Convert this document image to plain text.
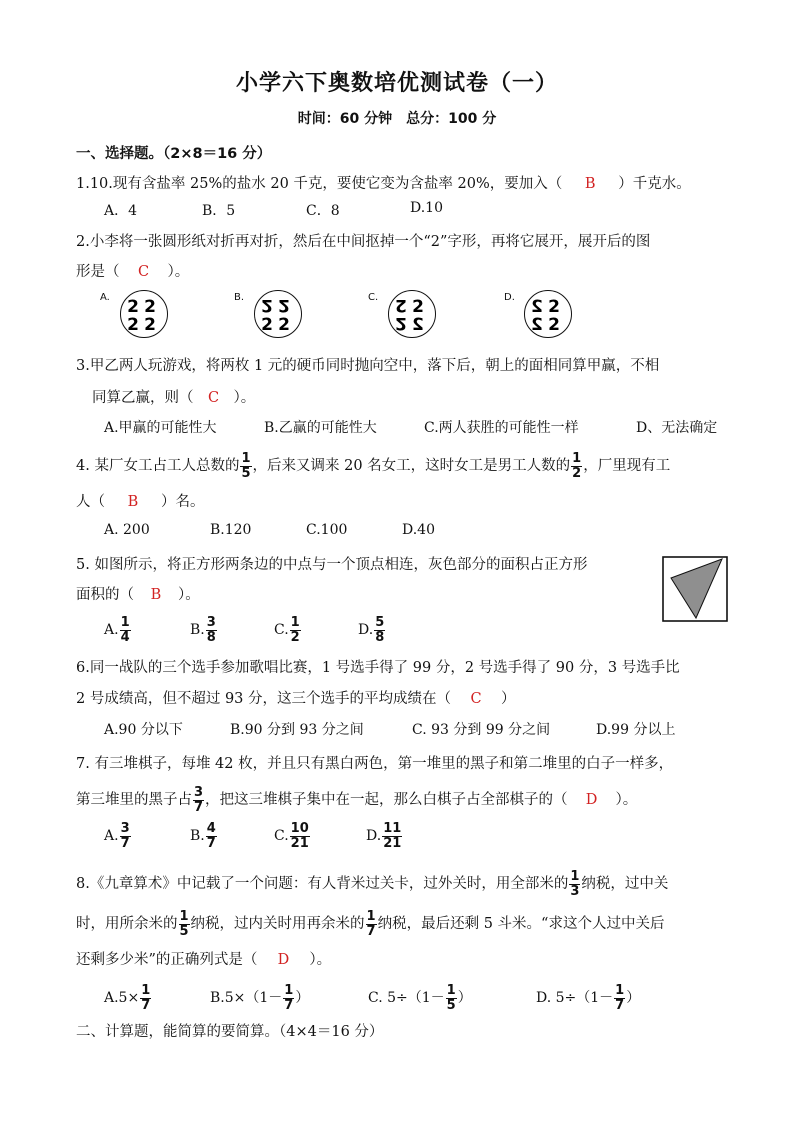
小学六下奥数培优测试卷（一）
时间：60 分钟　总分：100 分
一、选择题。（2×8＝16 分）
1.10.现有含盐率 25%的盐水 20 千克，要使它变为含盐率 20%，要加入（ B ）千克水。
A．4	B．5	C．8	D.10
2.小李将一张圆形纸对折再对折，然后在中间抠掉一个“2”字形，再将它展开，展开后的图
形是（ C ）。
A. 2 2
2 2
B. 2 2
2 2
C. 2 2
2 2
D. 2 2
2 2
3.甲乙两人玩游戏，将两枚 1 元的硬币同时抛向空中，落下后，朝上的面相同算甲赢，不相
同算乙赢，则（ C ）。
A.甲赢的可能性大	B.乙赢的可能性大	C.两人获胜的可能性一样	D、无法确定
4. 某厂女工占工人总数的 $\frac{1}{5}$ ，后来又调来 20 名女工，这时女工是男工人数的 $\frac{1}{2}$ ，厂里现有工
人（ B ）名。
A. 200	B.120	C.100	D.40
5. 如图所示，将正方形两条边的中点与一个顶点相连，灰色部分的面积占正方形
面积的（ B ）。
A. $\frac{1}{4}$	B. $\frac{3}{8}$	C. $\frac{1}{2}$	D. $\frac{5}{8}$
6.同一战队的三个选手参加歌唱比赛，1 号选手得了 99 分，2 号选手得了 90 分，3 号选手比
2 号成绩高，但不超过 93 分，这三个选手的平均成绩在（ C ）
A.90 分以下	B.90 分到 93 分之间	C. 93 分到 99 分之间	D.99 分以上
7. 有三堆棋子，每堆 42 枚，并且只有黑白两色，第一堆里的黑子和第二堆里的白子一样多，
第三堆里的黑子占 $\frac{3}{7}$ ，把这三堆棋子集中在一起，那么白棋子占全部棋子的（ D ）。
A. $\frac{3}{7}$	B. $\frac{4}{7}$	C. $\frac{10}{21}$	D. $\frac{11}{21}$
8.《九章算术》中记载了一个问题：有人背米过关卡，过外关时，用全部米的 $\frac{1}{3}$ 纳税，过中关
时，用所余米的 $\frac{1}{5}$ 纳税，过内关时用再余米的 $\frac{1}{7}$ 纳税，最后还剩 5 斗米。“求这个人过中关后
还剩多少米”的正确列式是（ D ）。
$A.5\times \frac{1}{7}$	$B.5\times(1- \frac{1}{7}$ ）	C. $5\div(1- \frac{1}{5}$ ）	D. $5\div(1- \frac{1}{7}$ ）
二、计算题，能简算的要简算。（4×4＝16 分）
